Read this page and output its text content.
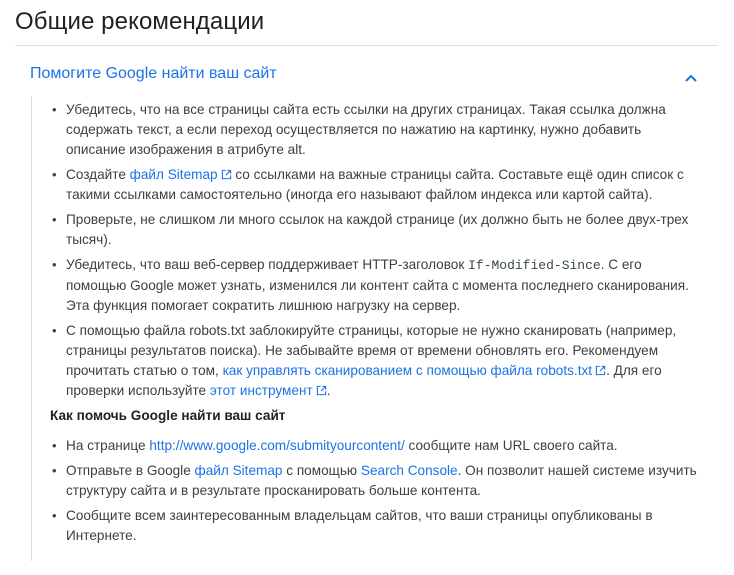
Общие рекомендации
Помогите Google найти ваш сайт
• Убедитесь, что на все страницы сайта есть ссылки на других страницах. Такая ссылка должна содержать текст, а если переход осуществляется по нажатию на картинку, нужно добавить описание изображения в атрибуте alt.
• Создайте файл Sitemap со ссылками на важные страницы сайта. Составьте ещё один список с такими ссылками самостоятельно (иногда его называют файлом индекса или картой сайта).
• Проверьте, не слишком ли много ссылок на каждой странице (их должно быть не более двух-трех тысяч).
• Убедитесь, что ваш веб-сервер поддерживает HTTP-заголовок If-Modified-Since. С его помощью Google может узнать, изменился ли контент сайта с момента последнего сканирования. Эта функция помогает сократить лишнюю нагрузку на сервер.
• С помощью файла robots.txt заблокируйте страницы, которые не нужно сканировать (например, страницы результатов поиска). Не забывайте время от времени обновлять его. Рекомендуем прочитать статью о том, как управлять сканированием с помощью файла robots.txt . Для его проверки используйте этот инструмент .
Как помочь Google найти ваш сайт
• На странице http://www.google.com/submityourcontent/ сообщите нам URL своего сайта.
• Отправьте в Google файл Sitemap с помощью Search Console. Он позволит нашей системе изучить структуру сайта и в результате просканировать больше контента.
• Сообщите всем заинтересованным владельцам сайтов, что ваши страницы опубликованы в Интернете.
